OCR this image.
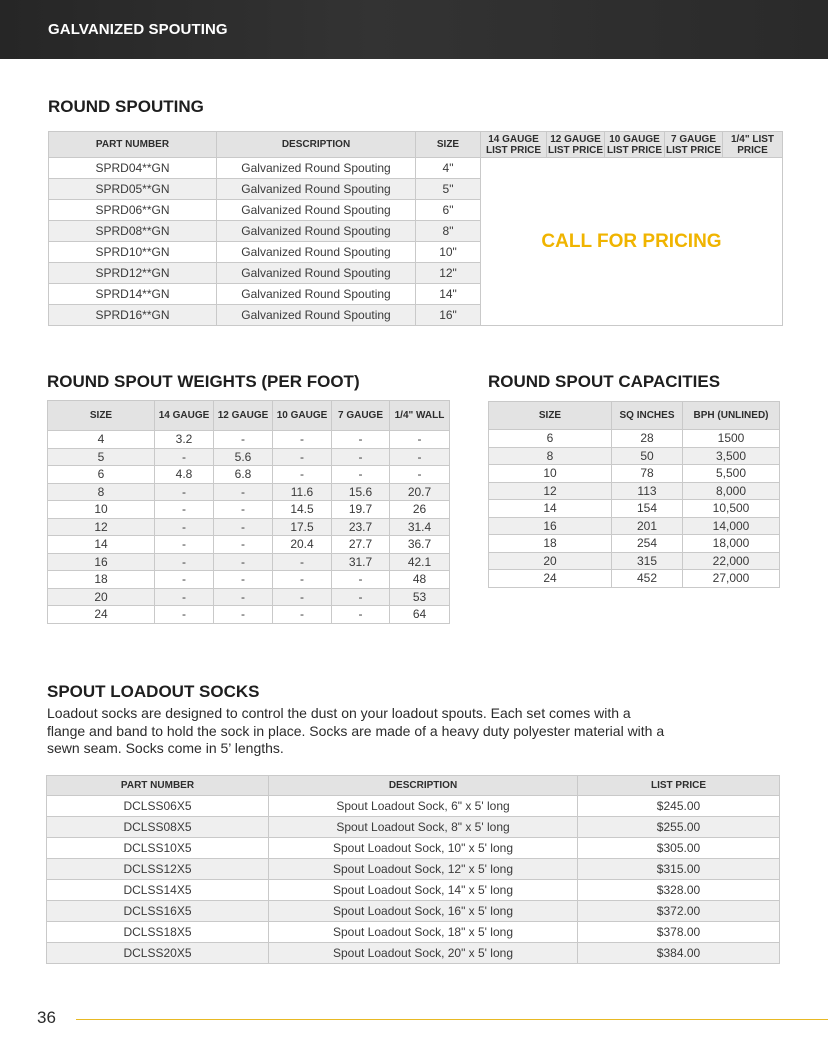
GALVANIZED SPOUTING
ROUND SPOUTING
PART NUMBER	DESCRIPTION	SIZE	14 GAUGE LIST PRICE	12 GAUGE LIST PRICE	10 GAUGE LIST PRICE	7 GAUGE LIST PRICE	1/4" LIST PRICE
SPRD04**GN	Galvanized Round Spouting	4"	CALL FOR PRICING				
SPRD05**GN	Galvanized Round Spouting	5"					
SPRD06**GN	Galvanized Round Spouting	6"					
SPRD08**GN	Galvanized Round Spouting	8"					
SPRD10**GN	Galvanized Round Spouting	10"					
SPRD12**GN	Galvanized Round Spouting	12"					
SPRD14**GN	Galvanized Round Spouting	14"					
SPRD16**GN	Galvanized Round Spouting	16"					
ROUND SPOUT WEIGHTS (PER FOOT)
SIZE	14 GAUGE	12 GAUGE	10 GAUGE	7 GAUGE	1/4" WALL
4	3.2	-	-	-	-
5	-	5.6	-	-	-
6	4.8	6.8	-	-	-
8	-	-	11.6	15.6	20.7
10	-	-	14.5	19.7	26
12	-	-	17.5	23.7	31.4
14	-	-	20.4	27.7	36.7
16	-	-	-	31.7	42.1
18	-	-	-	-	48
20	-	-	-	-	53
24	-	-	-	-	64
ROUND SPOUT CAPACITIES
SIZE	SQ INCHES	BPH (UNLINED)
6	28	1500
8	50	3,500
10	78	5,500
12	113	8,000
14	154	10,500
16	201	14,000
18	254	18,000
20	315	22,000
24	452	27,000
SPOUT LOADOUT SOCKS
Loadout socks are designed to control the dust on your loadout spouts. Each set comes with a flange and band to hold the sock in place. Socks are made of a heavy duty polyester material with a sewn seam. Socks come in 5’ lengths.
PART NUMBER	DESCRIPTION	LIST PRICE
DCLSS06X5	Spout Loadout Sock, 6" x 5' long	$245.00
DCLSS08X5	Spout Loadout Sock, 8" x 5' long	$255.00
DCLSS10X5	Spout Loadout Sock, 10" x 5' long	$305.00
DCLSS12X5	Spout Loadout Sock, 12" x 5' long	$315.00
DCLSS14X5	Spout Loadout Sock, 14" x 5' long	$328.00
DCLSS16X5	Spout Loadout Sock, 16" x 5' long	$372.00
DCLSS18X5	Spout Loadout Sock, 18" x 5' long	$378.00
DCLSS20X5	Spout Loadout Sock, 20" x 5' long	$384.00
36
